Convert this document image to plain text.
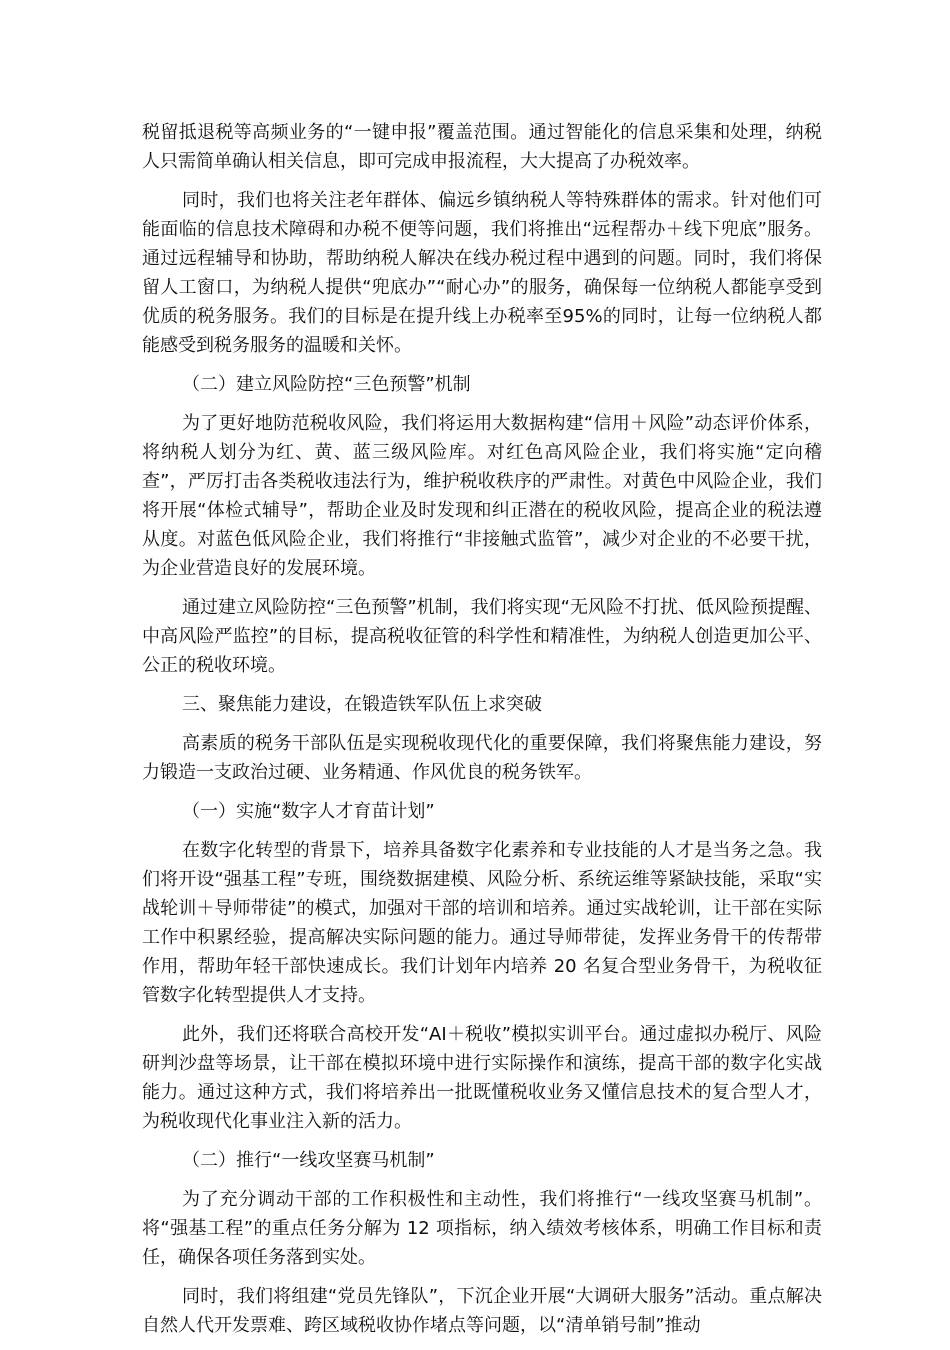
税留抵退税等高频业务的“一键申报”覆盖范围。通过智能化的信息采集和处理，纳税人只需简单确认相关信息，即可完成申报流程，大大提高了办税效率。

同时，我们也将关注老年群体、偏远乡镇纳税人等特殊群体的需求。针对他们可能面临的信息技术障碍和办税不便等问题，我们将推出“远程帮办＋线下兜底”服务。通过远程辅导和协助，帮助纳税人解决在线办税过程中遇到的问题。同时，我们将保留人工窗口，为纳税人提供“兜底办”“耐心办”的服务，确保每一位纳税人都能享受到优质的税务服务。我们的目标是在提升线上办税率至95%的同时，让每一位纳税人都能感受到税务服务的温暖和关怀。

（二）建立风险防控“三色预警”机制

为了更好地防范税收风险，我们将运用大数据构建“信用＋风险”动态评价体系，将纳税人划分为红、黄、蓝三级风险库。对红色高风险企业，我们将实施“定向稽查”，严厉打击各类税收违法行为，维护税收秩序的严肃性。对黄色中风险企业，我们将开展“体检式辅导”，帮助企业及时发现和纠正潜在的税收风险，提高企业的税法遵从度。对蓝色低风险企业，我们将推行“非接触式监管”，减少对企业的不必要干扰，为企业营造良好的发展环境。

通过建立风险防控“三色预警”机制，我们将实现“无风险不打扰、低风险预提醒、中高风险严监控”的目标，提高税收征管的科学性和精准性，为纳税人创造更加公平、公正的税收环境。

三、聚焦能力建设，在锻造铁军队伍上求突破

高素质的税务干部队伍是实现税收现代化的重要保障，我们将聚焦能力建设，努力锻造一支政治过硬、业务精通、作风优良的税务铁军。

（一）实施“数字人才育苗计划”

在数字化转型的背景下，培养具备数字化素养和专业技能的人才是当务之急。我们将开设“强基工程”专班，围绕数据建模、风险分析、系统运维等紧缺技能，采取“实战轮训＋导师带徒”的模式，加强对干部的培训和培养。通过实战轮训，让干部在实际工作中积累经验，提高解决实际问题的能力。通过导师带徒，发挥业务骨干的传帮带作用，帮助年轻干部快速成长。我们计划年内培养 20 名复合型业务骨干，为税收征管数字化转型提供人才支持。

此外，我们还将联合高校开发“AI＋税收”模拟实训平台。通过虚拟办税厅、风险研判沙盘等场景，让干部在模拟环境中进行实际操作和演练，提高干部的数字化实战能力。通过这种方式，我们将培养出一批既懂税收业务又懂信息技术的复合型人才，为税收现代化事业注入新的活力。

（二）推行“一线攻坚赛马机制”

为了充分调动干部的工作积极性和主动性，我们将推行“一线攻坚赛马机制”。将“强基工程”的重点任务分解为 12 项指标，纳入绩效考核体系，明确工作目标和责任，确保各项任务落到实处。

同时，我们将组建“党员先锋队”，下沉企业开展“大调研大服务”活动。重点解决自然人代开发票难、跨区域税收协作堵点等问题，以“清单销号制”推动
